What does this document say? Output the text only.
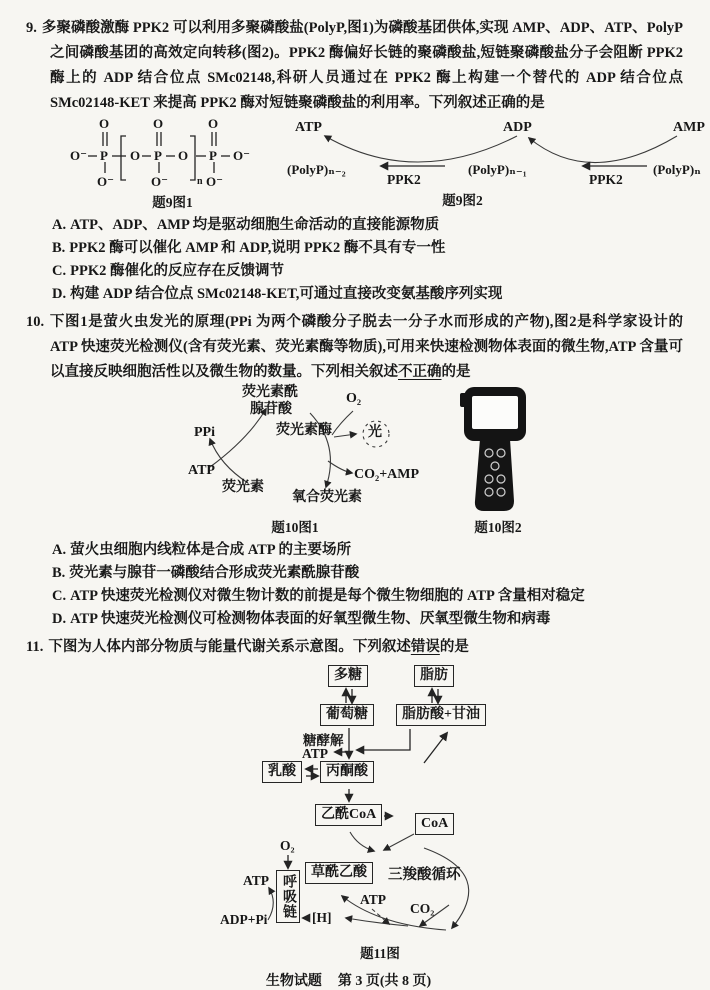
9. 多聚磷酸激酶 PPK2 可以利用多聚磷酸盐(PolyP,图1)为磷酸基团供体,实现 AMP、ADP、ATP、PolyP之间磷酸基团的高效定向转移(图2)。PPK2 酶偏好长链的聚磷酸盐,短链聚磷酸盐分子会阻断 PPK2 酶上的 ADP 结合位点 SMc02148,科研人员通过在 PPK2 酶上构建一个替代的 ADP 结合位点 SMc02148-KET 来提高 PPK2 酶对短链聚磷酸盐的利用率。下列叙述正确的是
O⁻ P O P O
n
P O⁻
O
O⁻
O
O⁻
O
O⁻
题9图1
ATP	ADP	AMP
(PolyP)ₙ₋₂	(PolyP)ₙ₋₁	(PolyP)ₙ
PPK2	PPK2
题9图2
A. ATP、ADP、AMP 均是驱动细胞生命活动的直接能源物质
B. PPK2 酶可以催化 AMP 和 ADP,说明 PPK2 酶不具有专一性
C. PPK2 酶催化的反应存在反馈调节
D. 构建 ADP 结合位点 SMc02148-KET,可通过直接改变氨基酸序列实现
10. 下图1是萤火虫发光的原理(PPi 为两个磷酸分子脱去一分子水而形成的产物),图2是科学家设计的 ATP 快速荧光检测仪(含有荧光素、荧光素酶等物质),可用来快速检测物体表面的微生物,ATP 含量可以直接反映细胞活性以及微生物的数量。下列相关叙述不正确的是
荧光素酰
腺苷酸
O₂
荧光素酶	光
PPi
ATP
荧光素
CO₂+AMP
氧合荧光素
题10图1	题10图2
A. 萤火虫细胞内线粒体是合成 ATP 的主要场所
B. 荧光素与腺苷一磷酸结合形成荧光素酰腺苷酸
C. ATP 快速荧光检测仪对微生物计数的前提是每个微生物细胞的 ATP 含量相对稳定
D. ATP 快速荧光检测仪可检测物体表面的好氧型微生物、厌氧型微生物和病毒
11. 下图为人体内部分物质与能量代谢关系示意图。下列叙述错误的是
多糖	脂肪
葡萄糖	脂肪酸+甘油
乳酸	丙酮酸
乙酰CoA
CoA
草酰乙酸
呼吸链
糖酵解
ATP
O₂
ATP
ADP+Pi	[H]
三羧酸循环
ATP
CO₂
题11图
生物试题 第 3 页(共 8 页)
